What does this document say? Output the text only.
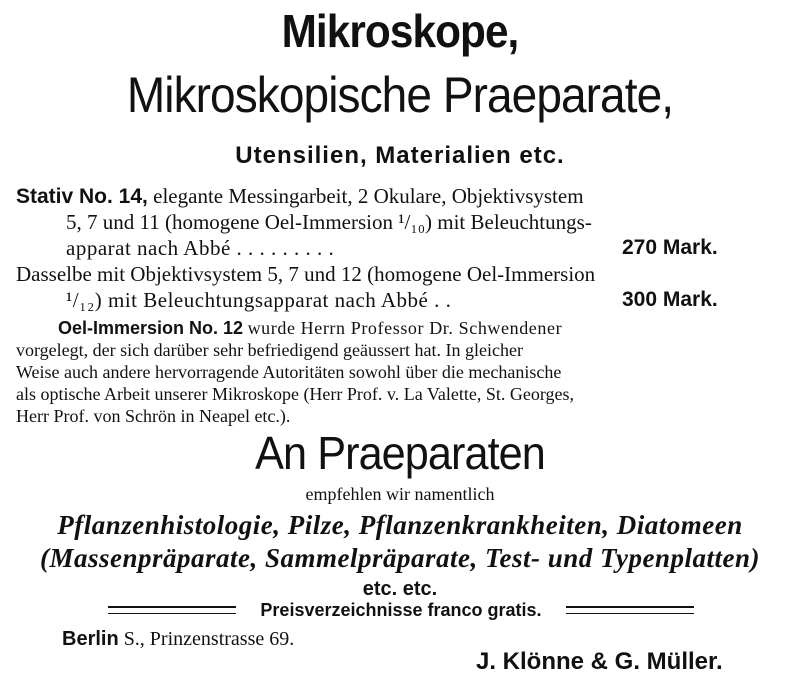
Mikroskope,
Mikroskopische Praeparate,
Utensilien, Materialien etc.
Stativ No. 14, elegante Messingarbeit, 2 Okulare, Objektivsystem
5, 7 und 11 (homogene Oel-Immersion ¹/₁₀) mit Beleuchtungs-
apparat nach Abbé . . . . . . . . .	270 Mark.
Dasselbe mit Objektivsystem 5, 7 und 12 (homogene Oel-Immersion
¹/₁₂) mit Beleuchtungsapparat nach Abbé . .	300 Mark.
Oel-Immersion No. 12 wurde Herrn Professor Dr. Schwendener
vorgelegt, der sich darüber sehr befriedigend geäussert hat. In gleicher
Weise auch andere hervorragende Autoritäten sowohl über die mechanische
als optische Arbeit unserer Mikroskope (Herr Prof. v. La Valette, St. Georges,
Herr Prof. von Schrön in Neapel etc.).
An Praeparaten
empfehlen wir namentlich
Pflanzenhistologie, Pilze, Pflanzenkrankheiten, Diatomeen
(Massenpräparate, Sammelpräparate, Test- und Typenplatten)
etc. etc.
Preisverzeichnisse franco gratis.
Berlin S., Prinzenstrasse 69.
J. Klönne & G. Müller.
